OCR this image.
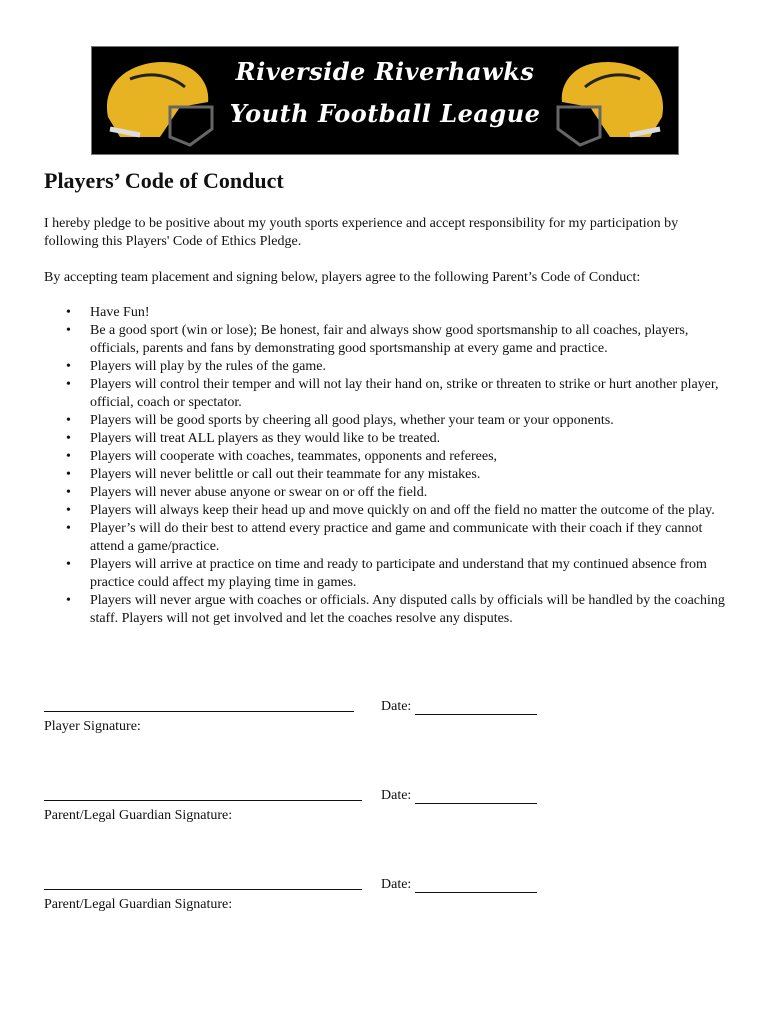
Riverside Riverhawks
Youth Football League
Players’ Code of Conduct
I hereby pledge to be positive about my youth sports experience and accept responsibility for my participation by following this Players' Code of Ethics Pledge.
By accepting team placement and signing below, players agree to the following Parent’s Code of Conduct:
• Have Fun!
• Be a good sport (win or lose); Be honest, fair and always show good sportsmanship to all coaches, players, officials, parents and fans by demonstrating good sportsmanship at every game and practice.
• Players will play by the rules of the game.
• Players will control their temper and will not lay their hand on, strike or threaten to strike or hurt another player, official, coach or spectator.
• Players will be good sports by cheering all good plays, whether your team or your opponents.
• Players will treat ALL players as they would like to be treated.
• Players will cooperate with coaches, teammates, opponents and referees,
• Players will never belittle or call out their teammate for any mistakes.
• Players will never abuse anyone or swear on or off the field.
• Players will always keep their head up and move quickly on and off the field no matter the outcome of the play.
• Player’s will do their best to attend every practice and game and communicate with their coach if they cannot attend a game/practice.
• Players will arrive at practice on time and ready to participate and understand that my continued absence from practice could affect my playing time in games.
• Players will never argue with coaches or officials. Any disputed calls by officials will be handled by the coaching staff. Players will not get involved and let the coaches resolve any disputes.
Player Signature:
Date:
Parent/Legal Guardian Signature:
Date:
Parent/Legal Guardian Signature:
Date:
